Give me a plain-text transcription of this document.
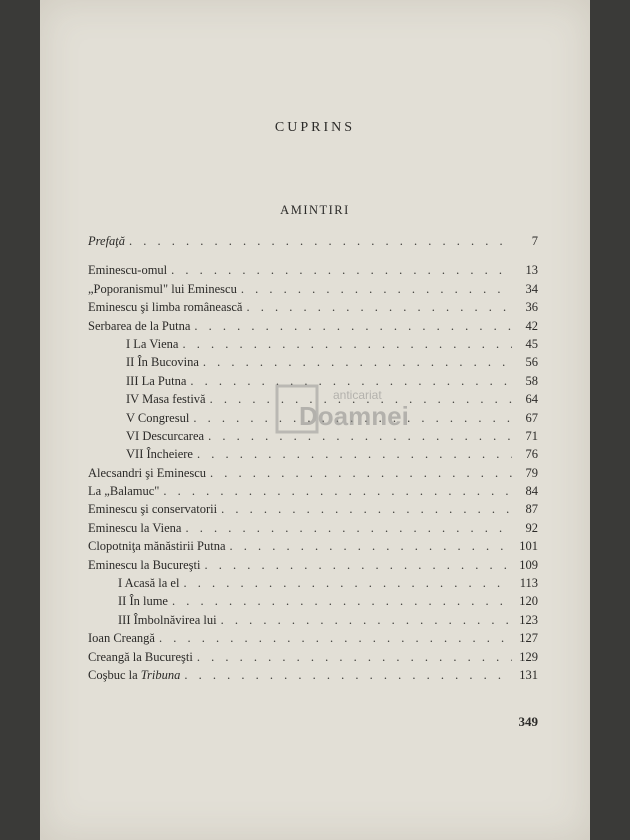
CUPRINS
AMINTIRI
Prefaţă . . .	7
Eminescu-omul . . .	13
„Poporanismul" lui Eminescu . . .	34
Eminescu şi limba românească . . .	36
Serbarea de la Putna . . .	42
I La Viena . . .	45
II În Bucovina . . .	56
III La Putna . . .	58
IV Masa festivă . . .	64
V Congresul . . .	67
VI Descurcarea . . .	71
VII Încheiere . . .	76
Alecsandri şi Eminescu . . .	79
La „Balamuc" . . .	84
Eminescu şi conservatorii . . .	87
Eminescu la Viena . . .	92
Clopotniţa mănăstirii Putna . . .	101
Eminescu la Bucureşti . . .	109
I Acasă la el . . .	113
II În lume . . .	120
III Îmbolnăvirea lui . . .	123
Ioan Creangă . . .	127
Creangă la Bucureşti . . .	129
Coşbuc la Tribuna . . .	131
349
anticariat
Doamnei
